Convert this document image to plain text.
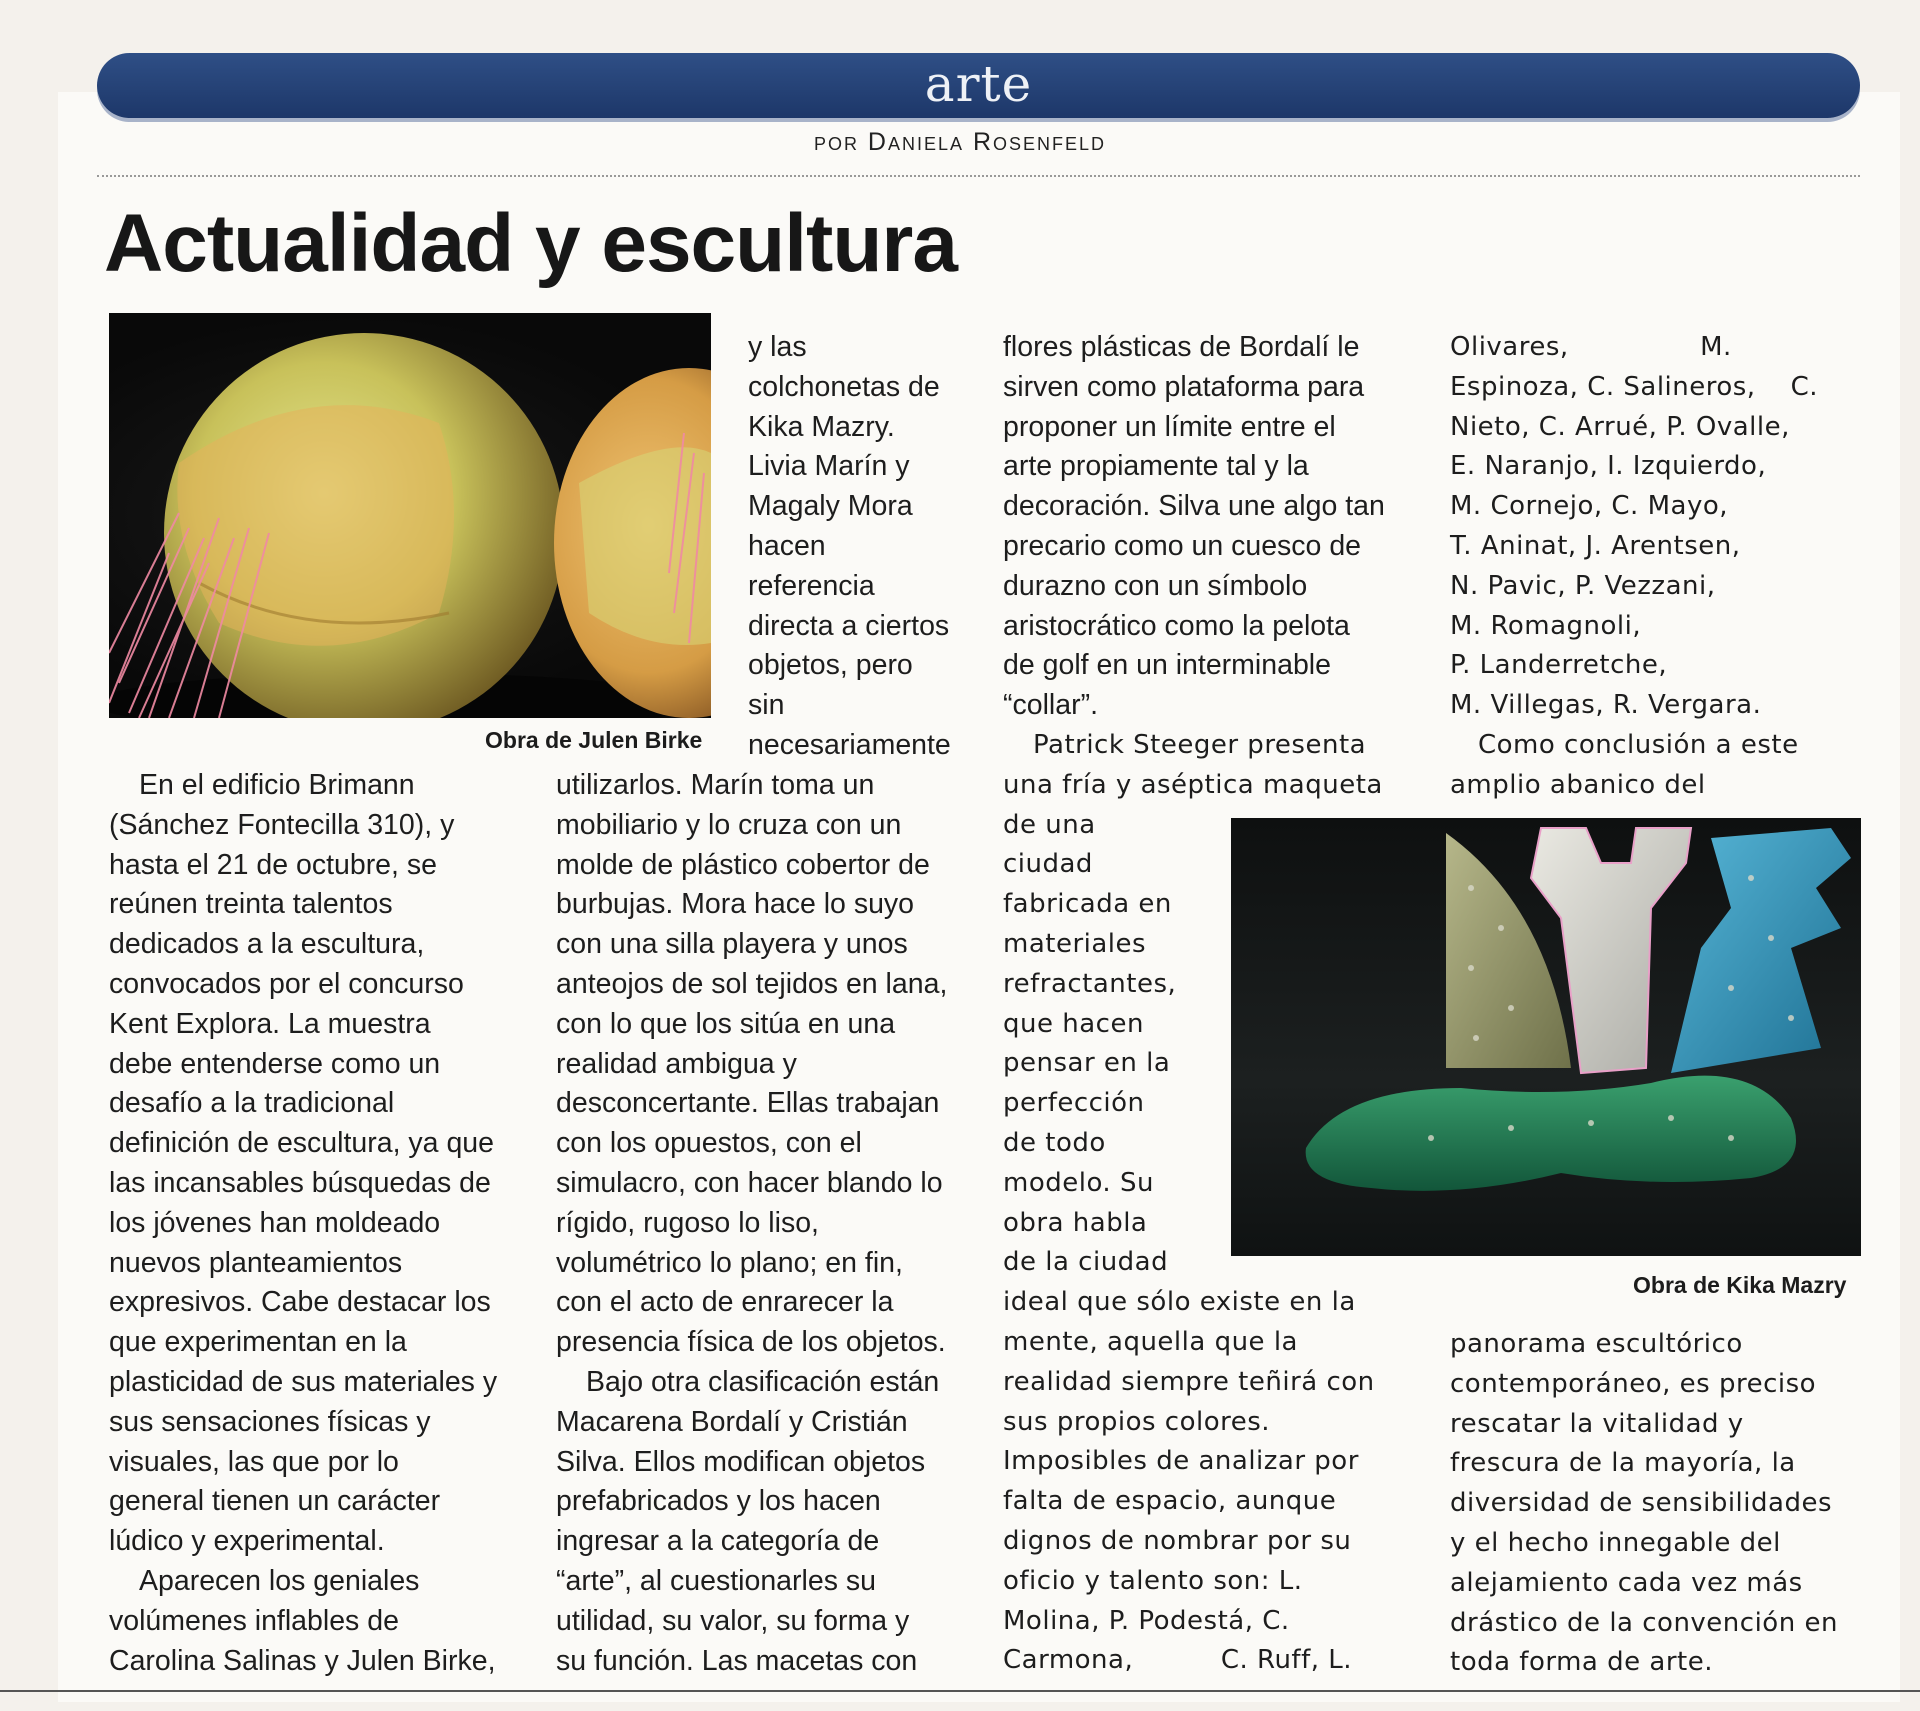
arte
por Daniela Rosenfeld
Actualidad y escultura
Obra de Julen Birke
Obra de Kika Mazry
y las
colchonetas de
Kika Mazry.
Livia Marín y
Magaly Mora
hacen
referencia
directa a ciertos
objetos, pero
sin
necesariamente
En el edificio Brimann
(Sánchez Fontecilla 310), y
hasta el 21 de octubre, se
reúnen treinta talentos
dedicados a la escultura,
convocados por el concurso
Kent Explora. La muestra
debe entenderse como un
desafío a la tradicional
definición de escultura, ya que
las incansables búsquedas de
los jóvenes han moldeado
nuevos planteamientos
expresivos. Cabe destacar los
que experimentan en la
plasticidad de sus materiales y
sus sensaciones físicas y
visuales, las que por lo
general tienen un carácter
lúdico y experimental.
Aparecen los geniales
volúmenes inflables de
Carolina Salinas y Julen Birke,
utilizarlos. Marín toma un
mobiliario y lo cruza con un
molde de plástico cobertor de
burbujas. Mora hace lo suyo
con una silla playera y unos
anteojos de sol tejidos en lana,
con lo que los sitúa en una
realidad ambigua y
desconcertante. Ellas trabajan
con los opuestos, con el
simulacro, con hacer blando lo
rígido, rugoso lo liso,
volumétrico lo plano; en fin,
con el acto de enrarecer la
presencia física de los objetos.
Bajo otra clasificación están
Macarena Bordalí y Cristián
Silva. Ellos modifican objetos
prefabricados y los hacen
ingresar a la categoría de
“arte”, al cuestionarles su
utilidad, su valor, su forma y
su función. Las macetas con
flores plásticas de Bordalí le
sirven como plataforma para
proponer un límite entre el
arte propiamente tal y la
decoración. Silva une algo tan
precario como un cuesco de
durazno con un símbolo
aristocrático como la pelota
de golf en un interminable
“collar”.
Patrick Steeger presenta
una fría y aséptica maqueta
de una
ciudad
fabricada en
materiales
refractantes,
que hacen
pensar en la
perfección
de todo
modelo. Su
obra habla
de la ciudad
ideal que sólo existe en la
mente, aquella que la
realidad siempre teñirá con
sus propios colores.
Imposibles de analizar por
falta de espacio, aunque
dignos de nombrar por su
oficio y talento son: L.
Molina, P. Podestá, C.
Carmona,          C. Ruff, L.
Olivares,               M.
Espinoza, C. Salineros,    C.
Nieto, C. Arrué, P. Ovalle,
E. Naranjo, I. Izquierdo,
M. Cornejo, C. Mayo,
T. Aninat, J. Arentsen,
N. Pavic, P. Vezzani,
M. Romagnoli,
P. Landerretche,
M. Villegas, R. Vergara.
Como conclusión a este
amplio abanico del
panorama escultórico
contemporáneo, es preciso
rescatar la vitalidad y
frescura de la mayoría, la
diversidad de sensibilidades
y el hecho innegable del
alejamiento cada vez más
drástico de la convención en
toda forma de arte.
